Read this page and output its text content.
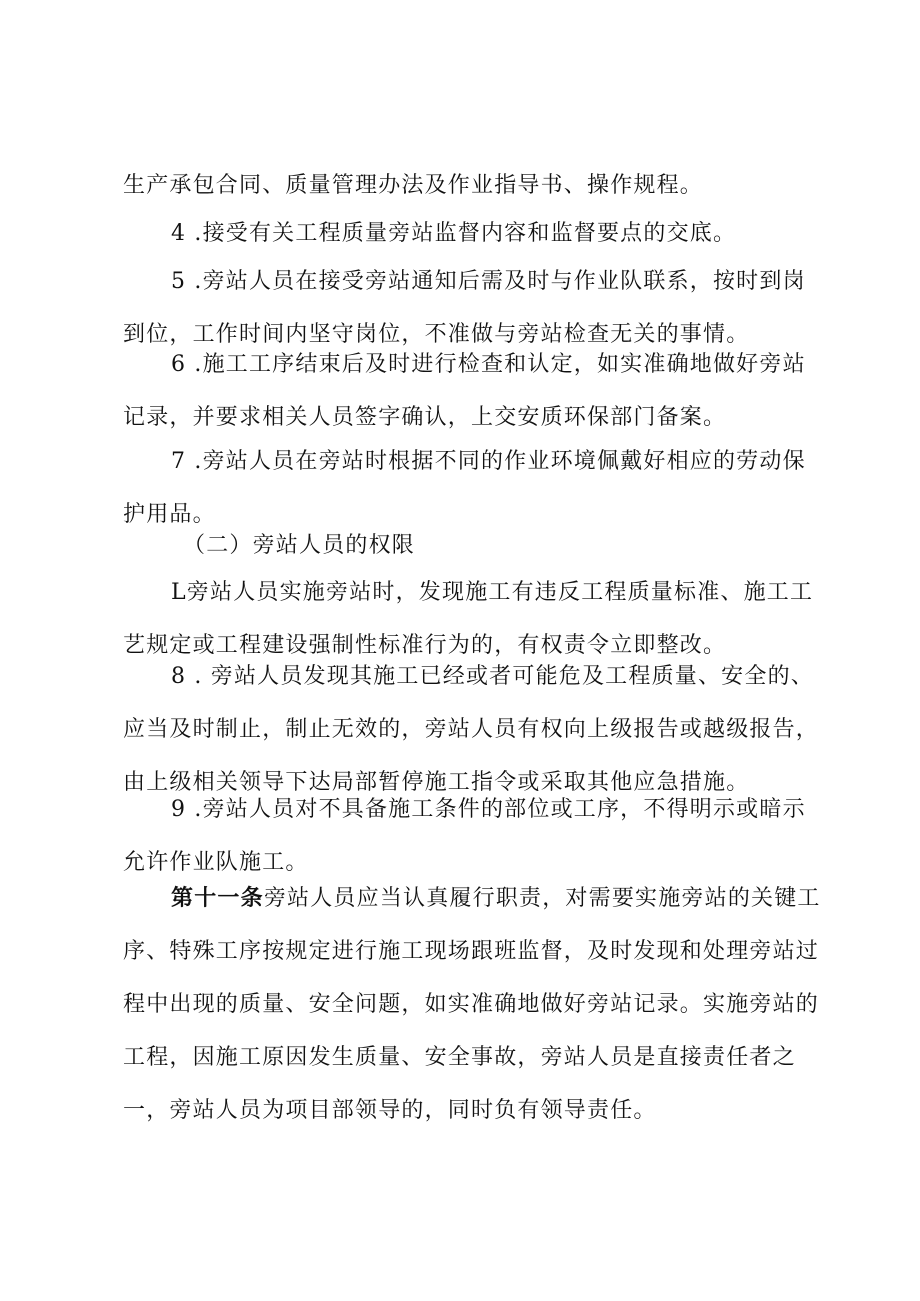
生产承包合同、质量管理办法及作业指导书、操作规程。

4 .接受有关工程质量旁站监督内容和监督要点的交底。

5 .旁站人员在接受旁站通知后需及时与作业队联系，按时到岗到位，工作时间内坚守岗位，不准做与旁站检查无关的事情。

6 .施工工序结束后及时进行检查和认定，如实准确地做好旁站记录，并要求相关人员签字确认，上交安质环保部门备案。

7 .旁站人员在旁站时根据不同的作业环境佩戴好相应的劳动保护用品。

（二）旁站人员的权限

L旁站人员实施旁站时，发现施工有违反工程质量标准、施工工艺规定或工程建设强制性标准行为的，有权责令立即整改。

8 . 旁站人员发现其施工已经或者可能危及工程质量、安全的、应当及时制止，制止无效的，旁站人员有权向上级报告或越级报告，由上级相关领导下达局部暂停施工指令或采取其他应急措施。

9 .旁站人员对不具备施工条件的部位或工序，不得明示或暗示允许作业队施工。

第十一条旁站人员应当认真履行职责，对需要实施旁站的关键工序、特殊工序按规定进行施工现场跟班监督，及时发现和处理旁站过程中出现的质量、安全问题，如实准确地做好旁站记录。实施旁站的工程，因施工原因发生质量、安全事故，旁站人员是直接责任者之一，旁站人员为项目部领导的，同时负有领导责任。
